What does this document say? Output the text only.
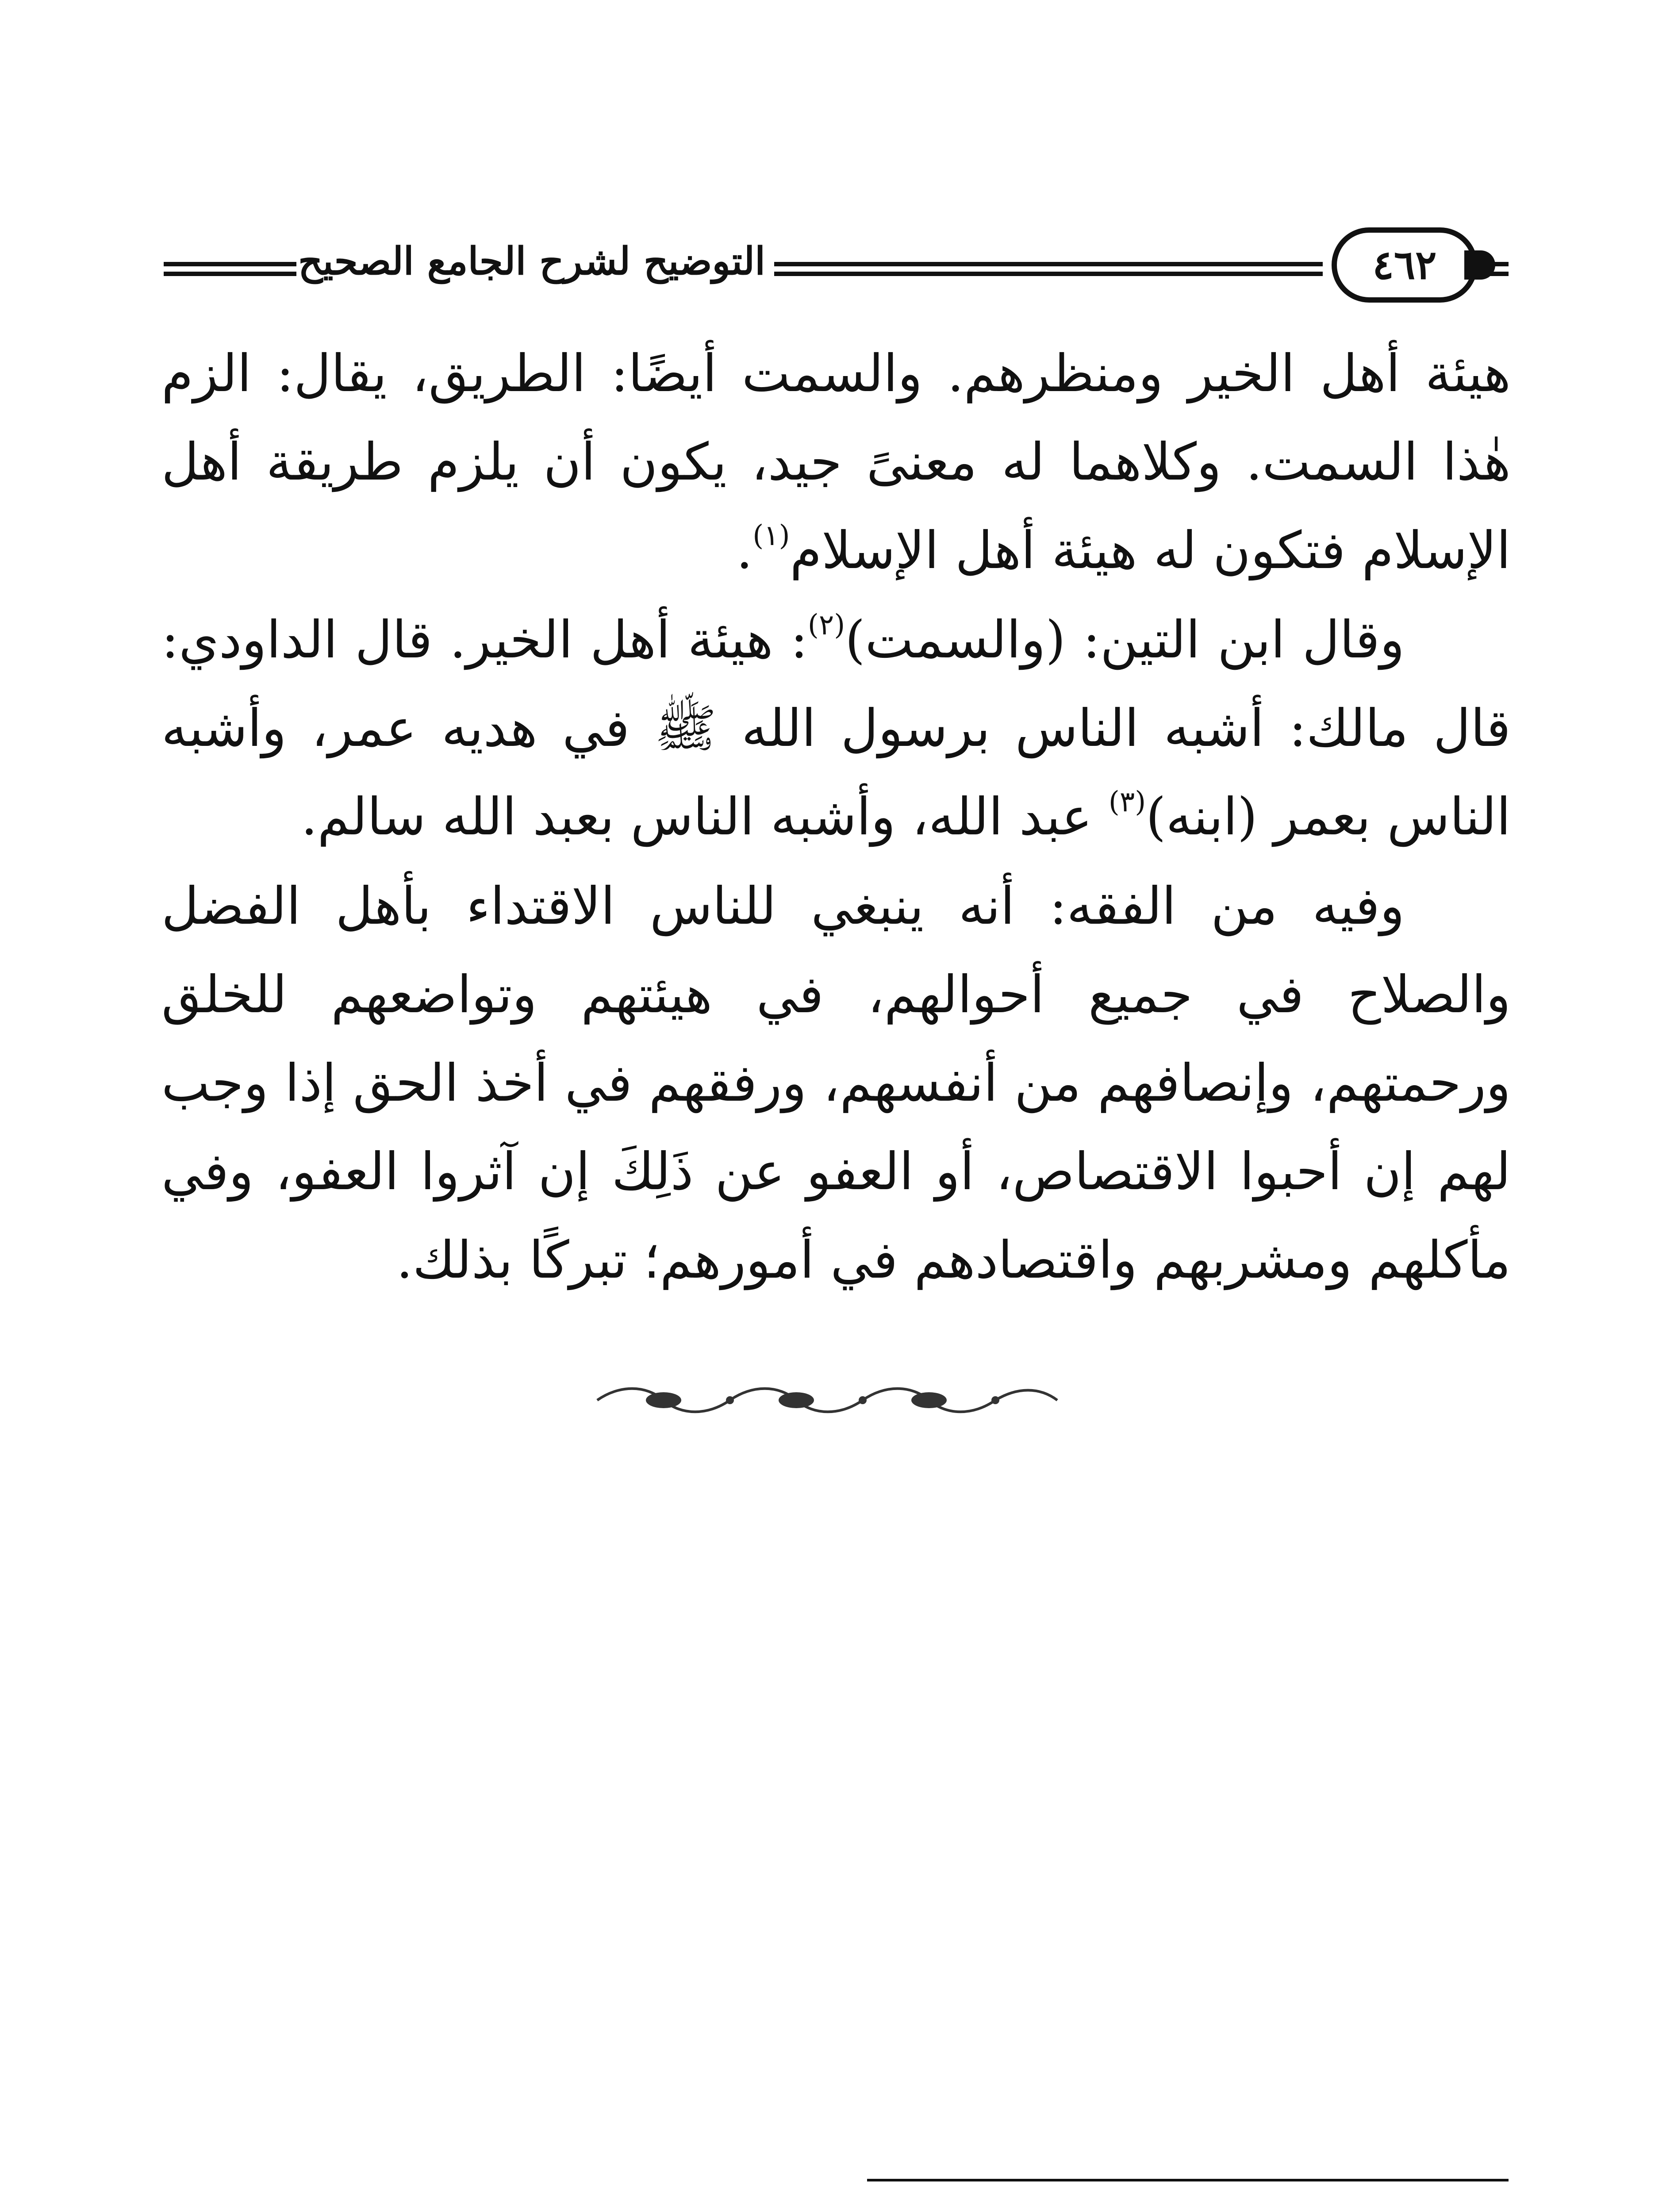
التوضيح لشرح الجامع الصحيح	٤٦٢

هيئة أهل الخير ومنظرهم. والسمت أيضًا: الطريق، يقال: الزم هٰذا السمت. وكلاهما له معنىً جيد، يكون أن يلزم طريقة أهل الإسلام فتكون له هيئة أهل الإسلام$^{(١)}$.

وقال ابن التين: (والسمت)$^{(٢)}$: هيئة أهل الخير. قال الداودي: قال مالك: أشبه الناس برسول الله ﷺ في هديه عمر، وأشبه الناس بعمر (ابنه)$^{(٣)}$ عبد الله، وأشبه الناس بعبد الله سالم.

وفيه من الفقه: أنه ينبغي للناس الاقتداء بأهل الفضل والصلاح في جميع أحوالهم، في هيئتهم وتواضعهم للخلق ورحمتهم، وإنصافهم من أنفسهم، ورفقهم في أخذ الحق إذا وجب لهم إن أحبوا الاقتصاص، أو العفو عن ذَلِكَ إن آثروا العفو، وفي مأكلهم ومشربهم واقتصادهم في أمورهم؛ تبركًا بذلك.
